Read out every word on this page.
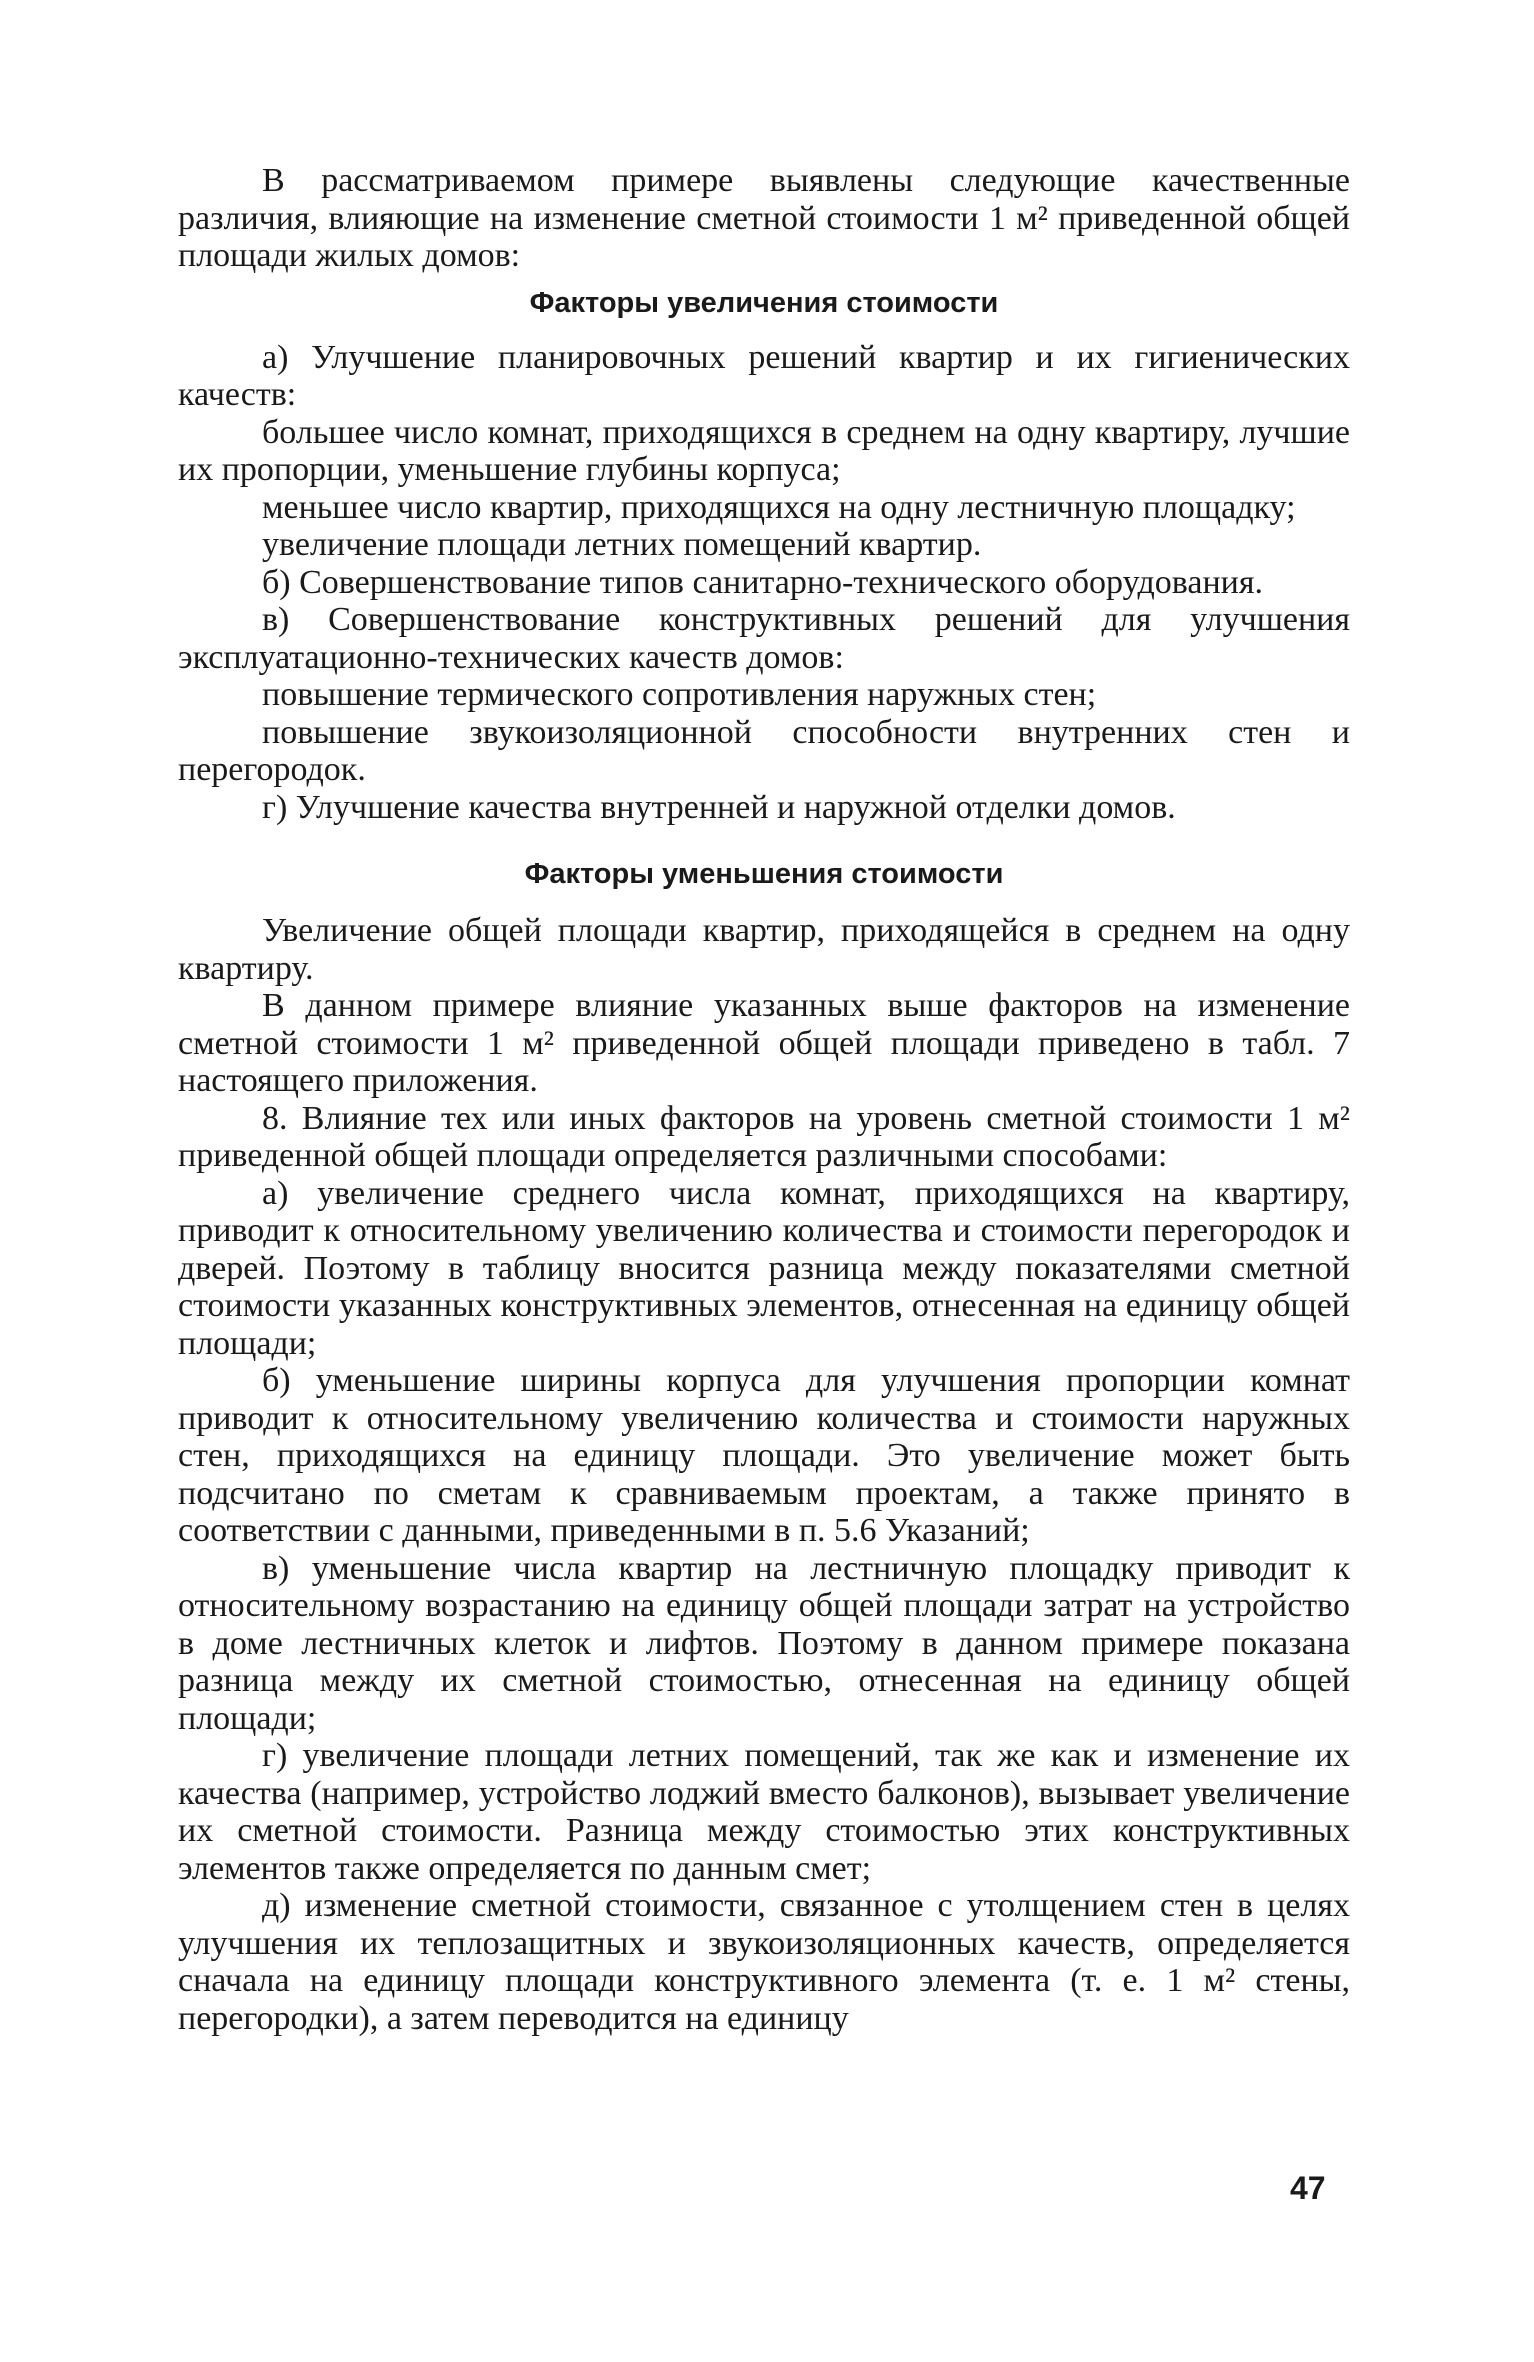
В рассматриваемом примере выявлены следующие качественные различия, влияющие на изменение сметной стоимости 1 м² приведенной общей площади жилых домов:

Факторы увеличения стоимости

а) Улучшение планировочных решений квартир и их гигиенических качеств:

большее число комнат, приходящихся в среднем на одну квартиру, лучшие их пропорции, уменьшение глубины корпуса;

меньшее число квартир, приходящихся на одну лестничную площадку;

увеличение площади летних помещений квартир.

б) Совершенствование типов санитарно-технического оборудования.

в) Совершенствование конструктивных решений для улучшения эксплуатационно-технических качеств домов:

повышение термического сопротивления наружных стен;

повышение звукоизоляционной способности внутренних стен и перегородок.

г) Улучшение качества внутренней и наружной отделки домов.

Факторы уменьшения стоимости

Увеличение общей площади квартир, приходящейся в среднем на одну квартиру.

В данном примере влияние указанных выше факторов на изменение сметной стоимости 1 м² приведенной общей площади приведено в табл. 7 настоящего приложения.

8. Влияние тех или иных факторов на уровень сметной стоимости 1 м² приведенной общей площади определяется различными способами:

а) увеличение среднего числа комнат, приходящихся на квартиру, приводит к относительному увеличению количества и стоимости перегородок и дверей. Поэтому в таблицу вносится разница между показателями сметной стоимости указанных конструктивных элементов, отнесенная на единицу общей площади;

б) уменьшение ширины корпуса для улучшения пропорции комнат приводит к относительному увеличению количества и стоимости наружных стен, приходящихся на единицу площади. Это увеличение может быть подсчитано по сметам к сравниваемым проектам, а также принято в соответствии с данными, приведенными в п. 5.6 Указаний;

в) уменьшение числа квартир на лестничную площадку приводит к относительному возрастанию на единицу общей площади затрат на устройство в доме лестничных клеток и лифтов. Поэтому в данном примере показана разница между их сметной стоимостью, отнесенная на единицу общей площади;

г) увеличение площади летних помещений, так же как и изменение их качества (например, устройство лоджий вместо балконов), вызывает увеличение их сметной стоимости. Разница между стоимостью этих конструктивных элементов также определяется по данным смет;

д) изменение сметной стоимости, связанное с утолщением стен в целях улучшения их теплозащитных и звукоизоляционных качеств, определяется сначала на единицу площади конструктивного элемента (т. е. 1 м² стены, перегородки), а затем переводится на единицу

47
